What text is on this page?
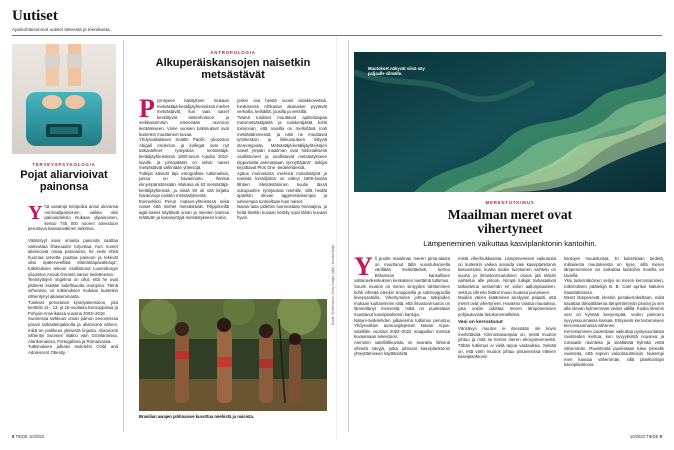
Uutiset
Ajankohtaisimmat uutiset tieteestä ja tekniikasta.
TERVEYSPSYKOLOGIA
Pojat aliarvioivat painonsa
Y hä useampi teinipoika arvioi olevansa normaalipainoinen, vaikka olisi painoindeksin mukaan ylipainoinen, kertoo 745 000 nuoren aineistoon perustuva kansainvälinen tutkimus.

Väärintyyt kuva omasta painosta saattaa vaikeuttaa lihavuuden torjuntaa. Kun nuoret aliarvioivat omaa painoansa, he eivät ehkä huomaa tarvetta puuttua painoon ja tekevät siksi epäterveellisiä elämäntapavalintoja”, tutkimuksen tekoon osallistunut Luxemburgin yliopiston Anouk Geraets sanoo tiedotteessa.

Tennityttöjen ongelma on ollut, että he ovat pitäneet itseään todellisuutta isompina. Tämä virhearvio on tutkimuksen mukaan kuitenkin vähentynyt aikaisemmasta.

Tulokset perustuvat kyselyaineistoon, jota kerättiin 11-, 13- ja 15-vuotiaita Eurooppassa ja Pohjois-Amerikassa vuosina 2002–2018.

Suomessa tarkkuus oman painon arvioinnissa parani tarkastelujaksolla ja aliarviointi väheni, mikä on poikkeus yleisestä linjasta. Aliarviointi vähentyi Suomen lisäksi vain Grönlannissa, Alankomaissa, Portugalissa ja Romaniassa.

Tutkimuksen julkaisi tiedelehti Child and Adolescent Obesity.

ANTROPOLOGIA
Alkuperäiskansojen naisetkin metsästävät
P yyntiyeen käsityksen mukaan metsästäjä-keräilijäyhteisöissä miehet metsästävät, kun taas naiset keskittyvät lastenhoitoon ja verkkaisemmin etenevään ravinnon keräämiseen. Viime vuosien tutkimukset ovat kuitenkin muuttaneet kuvaa.

Yhdysvaltalaisen Seattle Pacific -yliopiston Abigail Anderson ja kollegat ovat nyt tarkastelleet työnjakoa metsästäjä-keräilijäyhteisöissä 1800-luvun lopulta 2010-luvulle, ja johtopäätös on selvä: naiset metsästävät vähintään yhteisöjä.

Tutkijat kävivät läpi etnografisia tutkimuksia, joissa on havainnoitu ihmisiä elinympäristössään. Mukana oli 63 metsästäjä-keräilijäyhteisöä, ja niistä 50 oli sitä kirjattu havainnoja naisten metsästyksestä.

Esimerkiksi Perun matses-yhteisössä sekä naiset että miehet metsästävät. Filippiineillä agta-naiset käyttävät oman ja miesten kanssa tehtävän ja kasvisyötyjä metsästykseen koiria.

joskin osa heistä suosii viidakkoveitsiä. Keskisessä Afrikassa akanaiset pyytävät verkoilla, keihäillä, jousilla ja veitsillä.

”Nämä tulokset muuttavat ajattelutapaa miesmetsästäjästä ja naiskeräjästä kohti toiminnan, että naisilla on merkittävä rooli metsästäminessä, ja näin ne muuttavat työnkeskon ja liikkuvuuteen liittyviä stereotypioita. Metsästäjä-keräilijäyhteisöjen naiset ympäri maailman ovat historiallisesti osallistuneet ja osallistuvat metsästykseen riippumatta asemastaan synnyttäjänä”, tutkijat kirjoittavat Plos One -tiedelehdessä.

Ajatus muinaisista miehistä metsästäjinä ja naisista keräilijöinä on elänyt 1800-luvulta lähtien. Metsästäminen kuului tässä sukupuolten työnjaossa miehille, sillä heidät ajateltiin olevan aggressiivisempia ja vahvempia tunteeltaan kuin naiset.

Naisia taas pidettiin luonnostaan hoivaajina, ja heitä liitettiin kuvaan keräily sopii tähän kuvaan hyvin.

Brasilian awajen jahtinaisve kuvottua miehistä ja naisista.
Kuvat: Shutterstock, Getty Images (alla) / Konsta Maija
Muutokset näkyvät siinä näy paljaalle silmälle.
MERENTUTKIMUS
Maailman meret ovat vihertyneet
Lämpeneminen vaikuttaa kasviplanktonin kantoihin.
Y li puolet maailman meren pinta-alasta on muuttunut tällä vuosituhannella väriltään merkittävästi, kertoo Britannian kansallisen valtamerikeskuksen keskuksen teettämä tutkimus.

Suurin muutos on meren siniyyden tahttuminen kohti vihreää etenkin trooppisilla ja subtrooppisilla leveysasteilla. Vihertyminen johtuu tutkijoiden mukaan luultavimmin siitä, että ilmastonmuutos on lämmittänyt meriveslä, mikä on puolestaan muuttanut kasviplanktonin kantoja.

Nature-tiedelehden julkaisema tutkimus perustuu Yhdysvaltain avaruusjärjestön Nasan Aqua-satelliitin vuosina 2002–2022 maapallon meristä kuvaamaan aineistoon.

Aiemmin satelliittikuvista on seurattu lähinnä vihreitä sävyjä, jotka johtuvat kasviplanktonin yhteyttämiseen käyttämästä

mistä viherhiukkasista. Lämpenemisen vaikutusta on kuitenkin vaikea arvioida vain kasviplanktonin kasvustosta, koska niiden luontainen vaihtelu on suurta ja ilmastonmuutoksen osuus jää tämän vaihtelun alle piiloon. Nimpä tutkijat tarkastelivat tarkastelua seitsemän eri valon aallonpituuteen, sekä ja vihreän lisäksi muun muassa punaiseen.

Muiden värien lisääminen analyysin paljasti, että meret ovat vihertyneet. Havainto vastaa muutoksia, joita voitiin odottaa meren lämpenemisen pohjautuvista tietokonemalleista.

Vesi on kerrostunut

Värisävyn muutos ei itsessään ole kovin merkittävää. Kiinnostavampaa on, mistä muutos johtuu ja mitä se kertoo meren ekosysteemeistä. Tähän tutkimus ei vielä tarjoa vastauksia. Selvää on, että värin muutos johtuu pintavesissä elävien kasviplanktonin

kantojen muutoksista. Ei kuitenkaan tiedetä, millaisesta muutoksesta on kyse, sillä meren lämpeneminen voi vaikuttaa kantoihin monilla eri tavoilla.

Yksi todennäköinen seitys on meren kerrostuminen, tutkimuksen päätekijä B. B. Cael aprikoi Naturen haastattelussa.

Meret lämpenevät etenkin pintakerroksiltaan, mikä kavattaa lämpötilaeroa lämpimämmän pinnan ja sen alla olevan kylmemmän veden välillä. Koska lämmin vesi on kylmää kevyempää, veden painoero syvyyssuunnassa kasvaa. Erityisesti kerrostumiseen kerrossuunnassa vähenee.

Kerrostuminen puolestaan vaikuttaa pystysuuntaista ravinteiden kiertoa, kun syvyyksistä nouseva ja runsaasti ravinteita ja sisältävää kylmää vettä vähemmän. Ravinteista puolestaan tulee pinnalle ravinteita, että sopivin valoolosuhteisiin. Nukempi meri kasvaa vähemmän, sillä planktonlajin kasviplanktonia.

8 TIEDE 10/2023	10/2023 TIEDE 9
